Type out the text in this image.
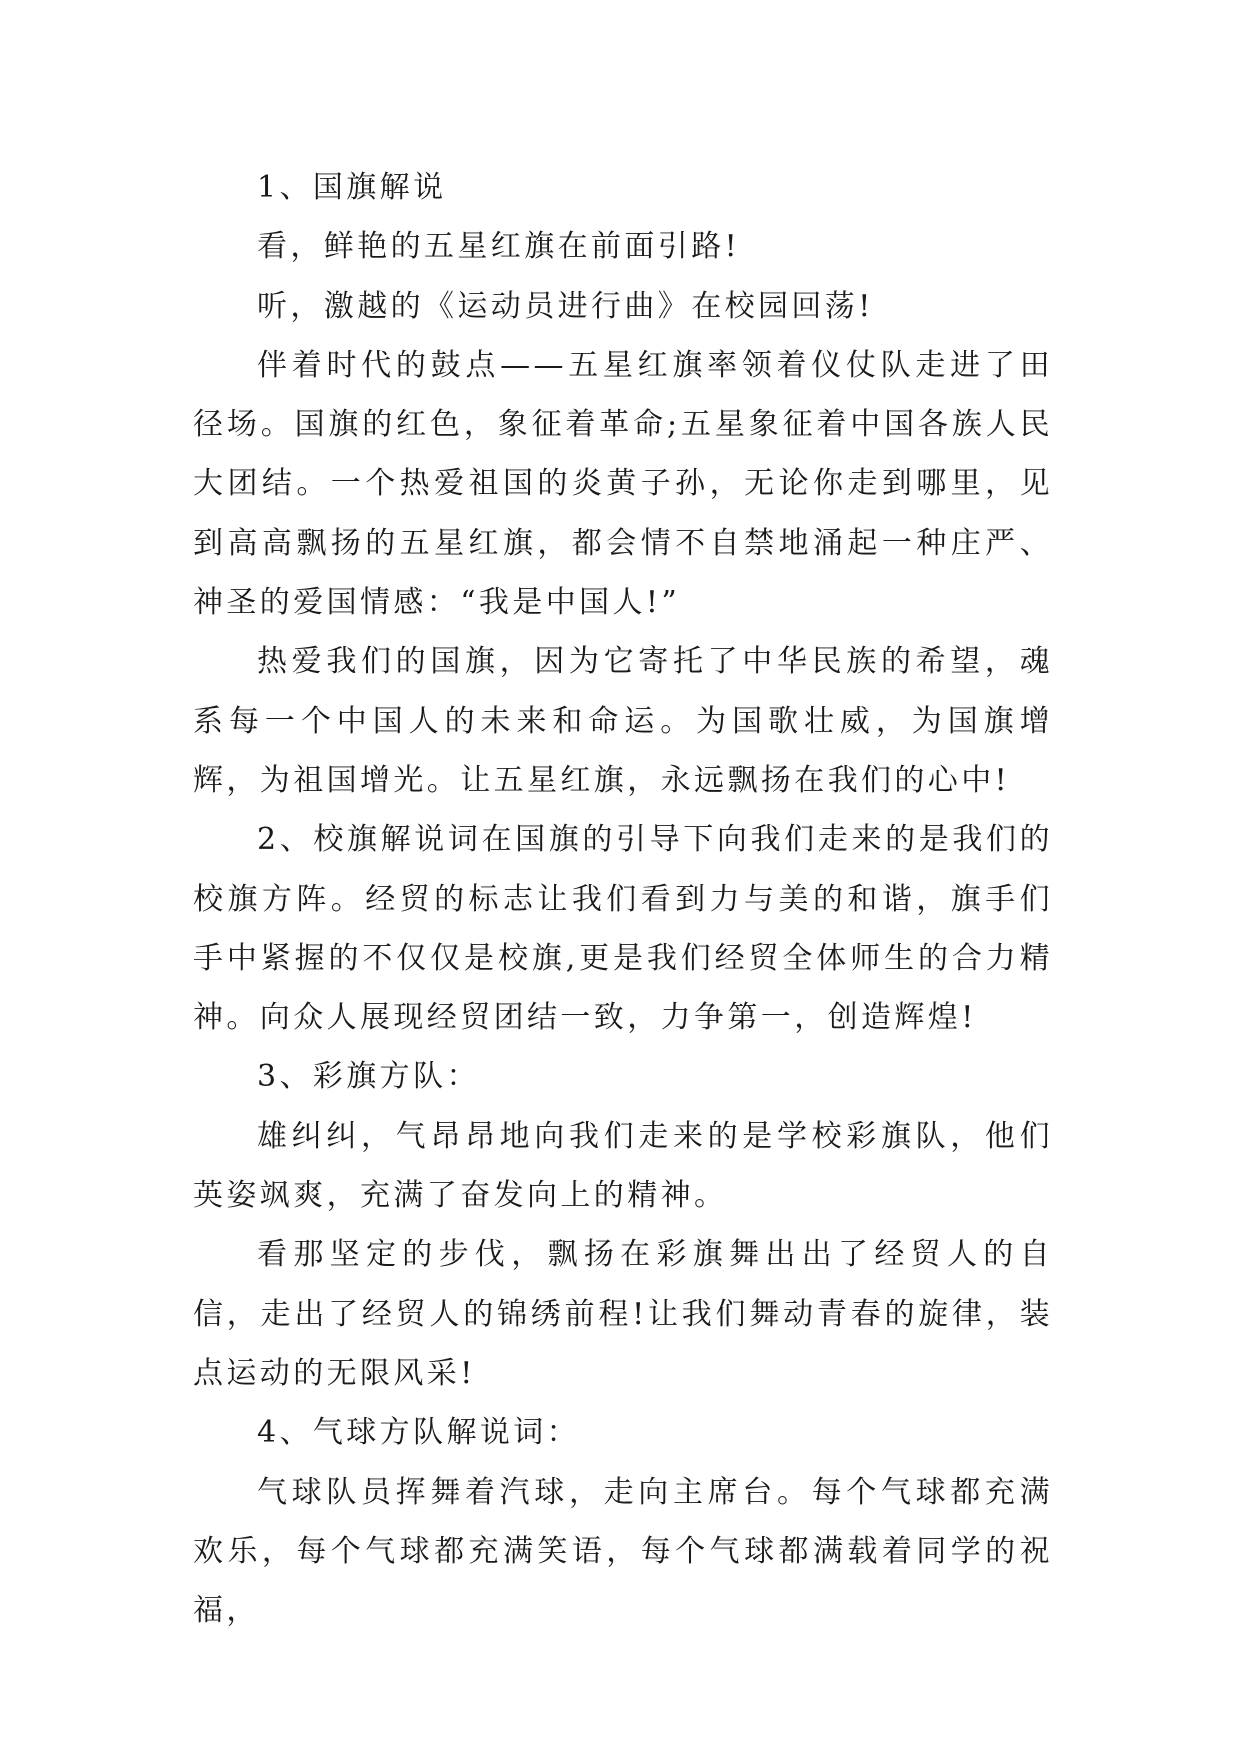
1、国旗解说

看，鲜艳的五星红旗在前面引路!

听，激越的《运动员进行曲》在校园回荡!

伴着时代的鼓点——五星红旗率领着仪仗队走进了田径场。国旗的红色，象征着革命;五星象征着中国各族人民大团结。一个热爱祖国的炎黄子孙，无论你走到哪里，见到高高飘扬的五星红旗，都会情不自禁地涌起一种庄严、神圣的爱国情感：“我是中国人!”

热爱我们的国旗，因为它寄托了中华民族的希望，魂系每一个中国人的未来和命运。为国歌壮威，为国旗增辉，为祖国增光。让五星红旗，永远飘扬在我们的心中!

2、校旗解说词在国旗的引导下向我们走来的是我们的校旗方阵。经贸的标志让我们看到力与美的和谐，旗手们手中紧握的不仅仅是校旗,更是我们经贸全体师生的合力精神。向众人展现经贸团结一致，力争第一，创造辉煌!

3、彩旗方队：

雄纠纠，气昂昂地向我们走来的是学校彩旗队，他们英姿飒爽，充满了奋发向上的精神。

看那坚定的步伐，飘扬在彩旗舞出出了经贸人的自信，走出了经贸人的锦绣前程!让我们舞动青春的旋律，装点运动的无限风采!

4、气球方队解说词：

气球队员挥舞着汽球，走向主席台。每个气球都充满欢乐，每个气球都充满笑语，每个气球都满载着同学的祝福，
